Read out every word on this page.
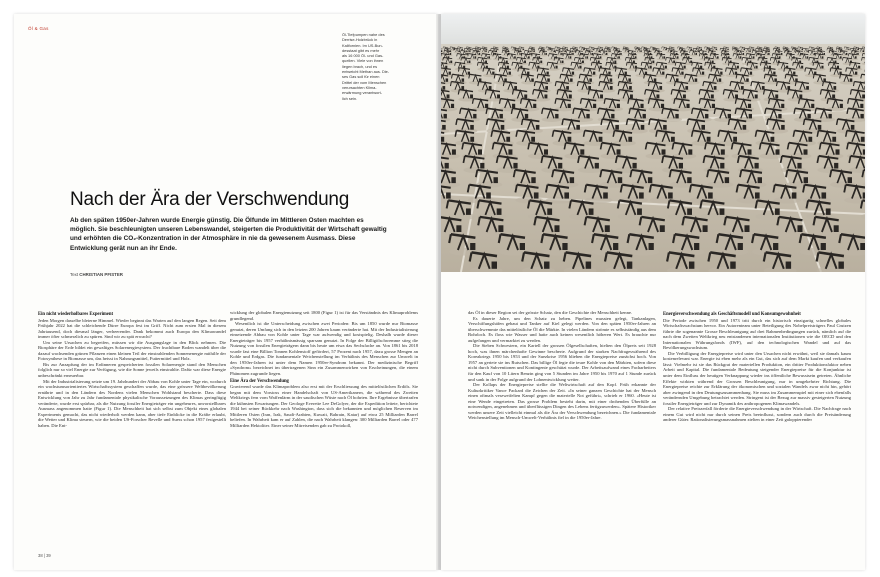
Öl & Gas

Öl-Tiefpumpen nahe des
Derrise-Holzbrück in
Kalifornien. Im US-Bun-
desstaat gibt es mehr
als 16 000 Öl- und Gas-
quellen. Viele von ihnen
liegen brach, und es
entweicht Methan aus. Die-
ses Gas soll für einen
Drittel der vom Menschen
verursachten Klima-
erwärmung verantwort-
lich sein.

Nach der Ära der Verschwendung

Ab den späten 1950er-Jahren wurde Energie günstig. Die Ölfunde im Mittleren Osten machten es möglich. Sie beschleunigten unseren Lebenswandel, steigerten die Produktivität der Wirtschaft gewaltig und erhöhten die CO₂-Konzentration in der Atmosphäre in nie da gewesenem Ausmass. Diese Entwicklung gerät nun an ihr Ende.

Text CHRISTIAN PFISTER
Ein nicht wiederholbares Experiment

Jeden Morgen dasselbe bleierne Himmel. Wieder beginnt das Warten auf den langen Regen. Seit dem Frühjahr 2022 hat die schleichende Dürre Europa fest im Griff. Nicht zum ersten Mal in diesem Jahrtausend, doch diesmal länger, verheerender. Dank bekommt auch Europa den Klimawandel immer öfter schmerzlich zu spüren. Sind wir zu spät erwacht?

Um seine Ursachen zu begreifen, müssen wir die Ausgangslage in den Blick nehmen. Die Biosphäre der Erde bildet ein gewaltiges Solarenergiesystem. Der fruchtbare Boden wandelt über die dazauf wachsenden grünen Pflanzen einen kleinen Teil der einstrahlenden Sonnenenergie mithilfe der Fotosynthese in Biomasse um, das heisst in Nahrungsmittel, Futtermittel und Holz.

Bis zur Anzapfung der im Erdinneren gespeicherten fossilen Solarenergie stand den Menschen folglich nur so viel Energie zur Verfügung, wie die Sonne jeweils einstrahlte. Dafür war diese Energie unbeschränkt erneuerbar.

Mit der Industrialisierung setzte um 19. Jahrhundert der Abbau von Kohle unter Tage ein, wodurch ein wachstumsorientiertes Wirtschaftssystem geschaffen wurde, das eine grössere Weltbevölkerung ernährte und in den Ländern des Nordens vielen Menschen Wohlstand bescherte. Dass diese Entwicklung von Jahr zu Jahr fundamentale physikalische Voraussetzungen des Klimas geringfügig veränderte, wurde erst spürbar, als die Nutzung fossiler Energieträger ein ungeheures, unvorstellbares Ausmass angenommen hatte (Figur 1). Die Menschheit hat sich selbst zum Objekt eines globalen Experiments gemacht, das nicht wiederholt werden kann, aber tiefe Einblicke in die Kräfte erlaubt, die Wetter und Klima steuern, wie die beiden US-Forscher Revelle und Suess schon 1957 festgestellt haben. Die Ent-

wicklung der globalen Energienutzung seit 1800 (Figur 1) ist für das Verständnis des Klimaproblems grundlegend.

Wesentlich ist die Unterscheidung zwischen zwei Perioden: Bis um 1850 wurde nur Biomasse genutzt, deren Umfang sich in den letzten 200 Jahren kaum veränderte hat. Mit der Industrialisierung einsetzende Abbau von Kohle unter Tage war aufwendig und kostspielig. Deshalb wurde dieser Energieträger bis 1957 verhältnismässig sparsam genutzt. In Folge der Billigölschwemme stieg die Nutzung von fossilen Energieträgern dann bis heute um etwa das Sechsfache an. Von 1861 bis 2018 wurde fast eine Billion Tonnen Kohlenstoff gefördert, 57 Prozent nach 1957, dazu grosse Mengen an Kohle und Erdgas. Die fundamentale Weichenstellung im Verhältnis des Menschen zur Umwelt in den 1950er-Jahren ist unter dem Namen 1950er-Syndrom bekannt. Der medizinische Begriff «Syndrom» bezeichnet im übertragenen Sinn ein Zusammenwirken von Erscheinungen, die einem Phänomen zugrunde liegen.

Eine Ära der Verschwendung

Gravierend wurde das Klimaproblem also erst mit der Erschliessung des mittelöstlichen Erdöls. Sie began mit dem Vorstoss einer Handelschaft von US-Amerikanern, die während des Zweiten Weltkriegs fern vom Waffenlärm in der saudischen Wüste nach Öl bohrten. Ihre Ergebnisse übertrafen die kühnsten Erwartungen. Der Geologe Everette Lee DeGolyer, der die Expedition leitete, berichtete 1944 bei seiner Rückkehr nach Washington, dass sich die bekannten und möglichen Reserven im Mittleren Osten (Iran, Irak, Saudi-Arabien, Kuwait, Bahrain, Katar) auf etwa 25 Milliarden Barrel beliefen. In Wahrheit kam er auf Zahlen, die nach Wahrheit klangen: 300 Milliarden Barrel oder 477 Milliarden Hektoliter. Einer seiner Mitreisenden gab zu Protokoll,

38 | 39

das Öl in dieser Region sei der grösste Schatz, den die Geschichte der Menschheit kenne.

Es dauerte Jahre, um den Schatz zu heben. Pipelines mussten gelegt, Tankanlagen, Verschiffungshäfen gebaut und Tanker auf Kiel gelegt werden. Von den späten 1950er-Jahren an überschwemmte das mittelöstliche Öl die Märkte. In vielen Ländern strömte es selbstständig aus dem Bohrloch. Es floss wie Wasser und hatte auch keinen wesentlich höheren Wert. Es brauchte nur aufgefangen und vermarktet zu werden.

Die Sieben Schwestern, ein Kartell der grossen Ölgesellschaften, hielten den Ölpreis seit 1928 hoch, was ihnen märchenhafte Gewinne bescherte. Aufgrund der starken Nachfrageswährend des Koreakriegs 1950 bis 1953 und der Suezkrise 1956 blieben die Energiepreise zunächst hoch. Von 1957 an geriete sie ins Rutschen. Das billige Öl fegte die teure Kohle von den Märkten, sofern diese nicht durch Subventionen und Kontingente geschützt wurde. Der Arbeitsaufwand eines Facharbeiters für den Kauf von 10 Litern Benzin ging von 5 Stunden im Jahre 1950 bis 1970 auf 1 Stunde zurück und sank in der Folge aufgrund der Lohnentwicklung weiter.

Der Kollaps der Energiepreise stellte die Weltwirtschaft auf den Kopf. Früh erkannte der Kulturkritiker Vance Packard die Zeichen der Zeit. «In seiner ganzen Geschichte hat der Mensch einen oftmals verzweifelten Kampf gegen die materielle Not geführt», schrieb er 1960. «Heute ist eine Wende eingetreten. Das grosse Problem besteht darin, mit einer drohenden Überfülle an notwendigen, angenehmen und überflüssigen Dingen des Lebens fertigzuwerden». Spätere Historiker werden unsere Zeit vielleicht einmal als die Ära der Verschwendung bezeichnen.» Die fundamentale Weichenstellung im Mensch-Umwelt-Verhältnis fiel in die 1950er-Jahre.

Energieverschwendung als Geschäftsmodell und Konsumgewohnheit

Die Periode zwischen 1950 und 1973 tritt durch ein historisch einzigartig schnelles globales Wirtschaftswachstum hervor. Ein Autorenteam unter Beteiligung des Nobelpreisträgers Paul Crutzen führte die sogenannte Grosse Beschleunigung auf drei Rahmenbedingungen zurück, nämlich auf die nach dem Zweiten Weltkrieg neu entstandenen internationalen Institutionen wie die OECD und den Internationalen Währungsfonds (IWF), auf den technologischen Wandel und auf das Bevölkerungswachstum.

Die Verbilligung der Energiepreise wird unter den Ursachen nicht erwähnt, weil sie damals kaum kostenrelevant war. Energie ist eben mehr als ein Gut, das sich auf dem Markt kaufen und verkaufen lässt: Vielmehr ist sie das Rückgrat der materiellen Produktion, ein dritter Produktionsfaktor neben Arbeit und Kapital. Die fundamentale Bedeutung steigender Energiepreise für die Konjunktur ist unter dem Einfluss der heutigen Verknappung wieder ins öffentliche Bewusstsein getreten. Ähnliche Effekte wirkten während der Grossen Beschleunigung, nur in umgekehrter Richtung. Die Energiepreise reichte zur Erklärung der ökonomischen und sozialen Wandels zwar nicht hin, gehört aber zwingend in den Deutungszusammenhang. Sie muss im Zusammenspiel mit einer sich ebenfalls verändernden Umgebung betrachtet werden. Stringent ist der Bezug zur massiv gesteigerten Nutzung fossiler Energieträger und zur Dynamik des anthropogenen Klimawandels.

Der relative Preiszerfall förderte die Energieverschwendung in der Wirtschaft. Die Nachfrage nach einem Gut wird nicht nur durch seinen Preis beeinflusst, sondern auch durch die Preisänderung anderer Güter. Rationalisierungsmassnahmen zielten in einer Zeit galoppierender
